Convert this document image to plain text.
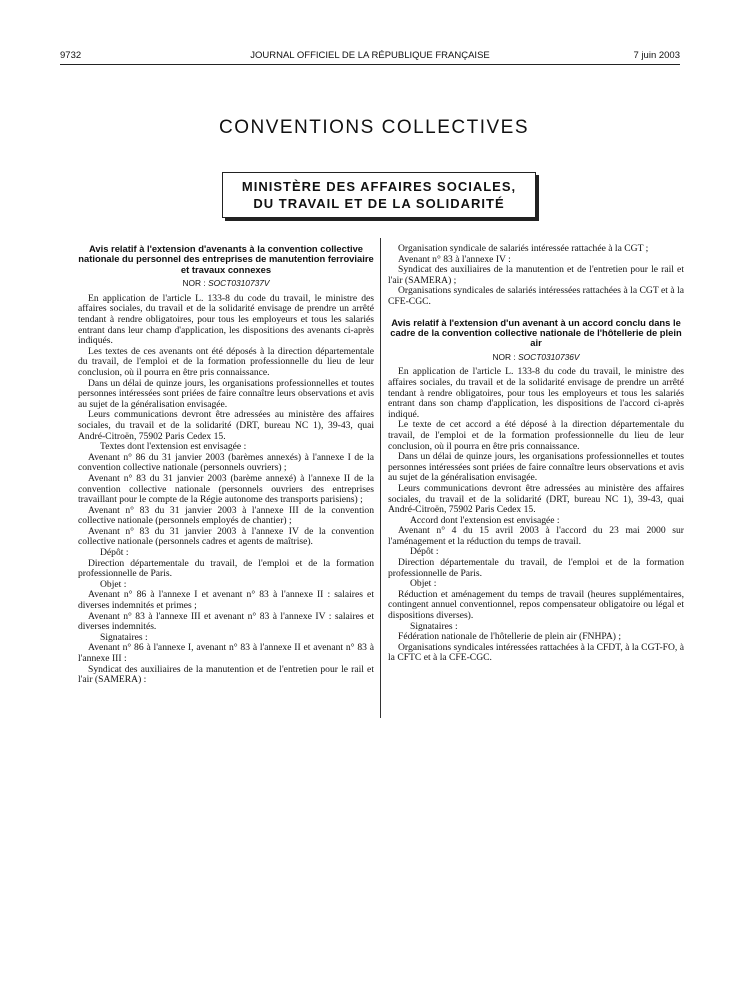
9732	JOURNAL OFFICIEL DE LA RÉPUBLIQUE FRANÇAISE	7 juin 2003
CONVENTIONS COLLECTIVES
MINISTÈRE DES AFFAIRES SOCIALES,
DU TRAVAIL ET DE LA SOLIDARITÉ
Avis relatif à l'extension d'avenants à la convention collective nationale du personnel des entreprises de manutention ferroviaire et travaux connexes
NOR : SOCT0310737V

En application de l'article L. 133-8 du code du travail, le ministre des affaires sociales, du travail et de la solidarité envisage de prendre un arrêté tendant à rendre obligatoires, pour tous les employeurs et tous les salariés entrant dans leur champ d'application, les dispositions des avenants ci-après indiqués.

Les textes de ces avenants ont été déposés à la direction départementale du travail, de l'emploi et de la formation professionnelle du lieu de leur conclusion, où il pourra en être pris connaissance.

Dans un délai de quinze jours, les organisations professionnelles et toutes personnes intéressées sont priées de faire connaître leurs observations et avis au sujet de la généralisation envisagée.

Leurs communications devront être adressées au ministère des affaires sociales, du travail et de la solidarité (DRT, bureau NC 1), 39-43, quai André-Citroën, 75902 Paris Cedex 15.

Textes dont l'extension est envisagée :

Avenant n° 86 du 31 janvier 2003 (barèmes annexés) à l'annexe I de la convention collective nationale (personnels ouvriers) ;

Avenant n° 83 du 31 janvier 2003 (barème annexé) à l'annexe II de la convention collective nationale (personnels ouvriers des entreprises travaillant pour le compte de la Régie autonome des transports parisiens) ;

Avenant n° 83 du 31 janvier 2003 à l'annexe III de la convention collective nationale (personnels employés de chantier) ;

Avenant n° 83 du 31 janvier 2003 à l'annexe IV de la convention collective nationale (personnels cadres et agents de maîtrise).

Dépôt :

Direction départementale du travail, de l'emploi et de la formation professionnelle de Paris.

Objet :

Avenant n° 86 à l'annexe I et avenant n° 83 à l'annexe II : salaires et diverses indemnités et primes ;

Avenant n° 83 à l'annexe III et avenant n° 83 à l'annexe IV : salaires et diverses indemnités.

Signataires :

Avenant n° 86 à l'annexe I, avenant n° 83 à l'annexe II et avenant n° 83 à l'annexe III :

Syndicat des auxiliaires de la manutention et de l'entretien pour le rail et l'air (SAMERA) :

Organisation syndicale de salariés intéressée rattachée à la CGT ;

Avenant n° 83 à l'annexe IV :

Syndicat des auxiliaires de la manutention et de l'entretien pour le rail et l'air (SAMERA) ;

Organisations syndicales de salariés intéressées rattachées à la CGT et à la CFE-CGC.

Avis relatif à l'extension d'un avenant à un accord conclu dans le cadre de la convention collective nationale de l'hôtellerie de plein air
NOR : SOCT0310736V

En application de l'article L. 133-8 du code du travail, le ministre des affaires sociales, du travail et de la solidarité envisage de prendre un arrêté tendant à rendre obligatoires, pour tous les employeurs et tous les salariés entrant dans son champ d'application, les dispositions de l'accord ci-après indiqué.

Le texte de cet accord a été déposé à la direction départementale du travail, de l'emploi et de la formation professionnelle du lieu de leur conclusion, où il pourra en être pris connaissance.

Dans un délai de quinze jours, les organisations professionnelles et toutes personnes intéressées sont priées de faire connaître leurs observations et avis au sujet de la généralisation envisagée.

Leurs communications devront être adressées au ministère des affaires sociales, du travail et de la solidarité (DRT, bureau NC 1), 39-43, quai André-Citroën, 75902 Paris Cedex 15.

Accord dont l'extension est envisagée :

Avenant n° 4 du 15 avril 2003 à l'accord du 23 mai 2000 sur l'aménagement et la réduction du temps de travail.

Dépôt :

Direction départementale du travail, de l'emploi et de la formation professionnelle de Paris.

Objet :

Réduction et aménagement du temps de travail (heures supplémentaires, contingent annuel conventionnel, repos compensateur obligatoire ou légal et dispositions diverses).

Signataires :

Fédération nationale de l'hôtellerie de plein air (FNHPA) ;

Organisations syndicales intéressées rattachées à la CFDT, à la CGT-FO, à la CFTC et à la CFE-CGC.
